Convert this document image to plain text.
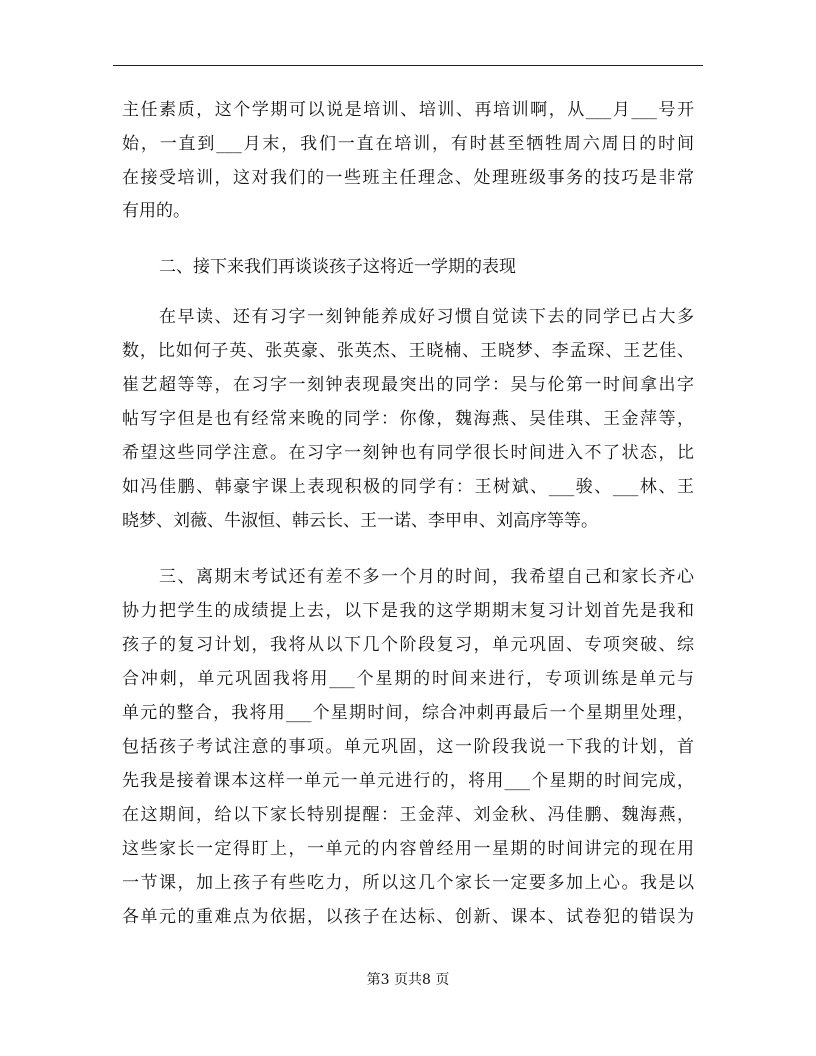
主任素质，这个学期可以说是培训、培训、再培训啊，从___月___号开
始，一直到___月末，我们一直在培训，有时甚至牺牲周六周日的时间
在接受培训，这对我们的一些班主任理念、处理班级事务的技巧是非常
有用的。
二、接下来我们再谈谈孩子这将近一学期的表现
在早读、还有习字一刻钟能养成好习惯自觉读下去的同学已占大多
数，比如何子英、张英豪、张英杰、王晓楠、王晓梦、李孟琛、王艺佳、
崔艺超等等，在习字一刻钟表现最突出的同学：吴与伦第一时间拿出字
帖写字但是也有经常来晚的同学：你像，魏海燕、吴佳琪、王金萍等，
希望这些同学注意。在习字一刻钟也有同学很长时间进入不了状态，比
如冯佳鹏、韩豪宇课上表现积极的同学有：王树斌、___骏、___林、王
晓梦、刘薇、牛淑恒、韩云长、王一诺、李甲申、刘高序等等。
三、离期末考试还有差不多一个月的时间，我希望自己和家长齐心
协力把学生的成绩提上去，以下是我的这学期期末复习计划首先是我和
孩子的复习计划，我将从以下几个阶段复习，单元巩固、专项突破、综
合冲刺，单元巩固我将用___个星期的时间来进行，专项训练是单元与
单元的整合，我将用___个星期时间，综合冲刺再最后一个星期里处理，
包括孩子考试注意的事项。单元巩固，这一阶段我说一下我的计划，首
先我是接着课本这样一单元一单元进行的，将用___个星期的时间完成，
在这期间，给以下家长特别提醒：王金萍、刘金秋、冯佳鹏、魏海燕，
这些家长一定得盯上，一单元的内容曾经用一星期的时间讲完的现在用
一节课，加上孩子有些吃力，所以这几个家长一定要多加上心。我是以
各单元的重难点为依据，以孩子在达标、创新、课本、试卷犯的错误为
第3 页共8 页
